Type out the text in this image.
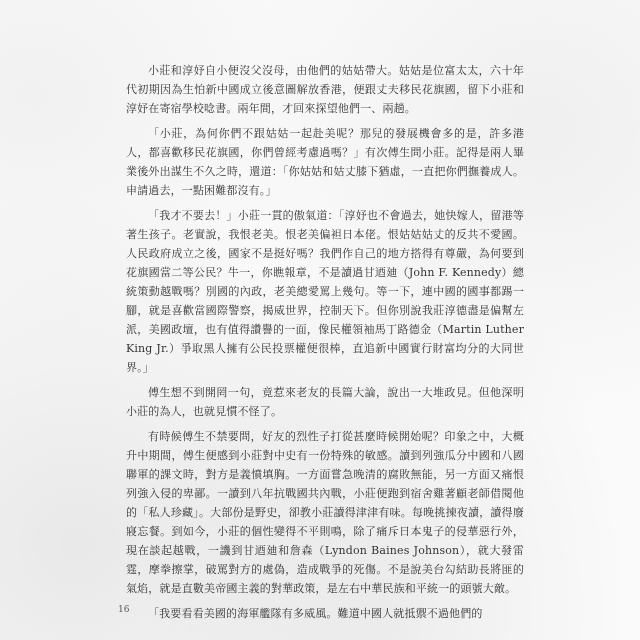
小莊和淳妤自小便沒父沒母，由他們的姑姑帶大。姑姑是位富太太，六十年代初期因為生怕新中國成立後意圖解放香港，便跟丈夫移民花旗國，留下小莊和淳妤在寄宿學校唸書。兩年間，才回來探望他們一、兩趟。

「小莊，為何你們不跟姑姑一起赴美呢？那兒的發展機會多的是，許多港人，都喜歡移民花旗國，你們曾經考慮過嗎？」有次傅生問小莊。記得是兩人畢業後外出謀生不久之時，還道：「你姑姑和姑丈膝下猶虛，一直把你們撫養成人。申請過去，一點困難都沒有。」

「我才不要去！」小莊一貫的傲氣道：「淳妤也不會過去，她快嫁人，留港等著生孩子。老實說，我恨老美。恨老美偏袒日本佬。恨姑姑姑丈的反共不愛國。人民政府成立之後，國家不是挺好嗎？我們作自己的地方搭得有尊嚴，為何要到花旗國當二等公民？牛一，你瞧報章，不是讀過甘迺廸（John F. Kennedy）總統策動越戰嗎？別國的內政，老美總愛罵上幾句。等一下，連中國的國事都踢一腳，就是喜歡當國際警察，揭威世界，控制天下。但你別說我莊淳德盡是偏幫左派，美國政壇，也有值得讚譽的一面，像民權領袖馬丁路德金（Martin Luther King Jr.）爭取黑人擁有公民投票權便很棒，直追新中國實行財富均分的大同世界。」

傅生想不到開罔一句，竟惹來老友的長篇大論，說出一大堆政見。但他深明小莊的為人，也就見慣不怪了。

有時候傅生不禁要問，好友的烈性子打從甚麼時候開始呢？印象之中，大概升中期間，傅生便感到小莊對中史有一份特殊的敏感。讀到列強瓜分中國和八國聯軍的課文時，對方是義憤填胸。一方面嘗急晚清的腐敗無能，另一方面又痛恨列強入侵的卑鄙。一讀到八年抗戰國共內戰，小莊便跑到宿舍雞著顧老師借閱他的「私人珍藏」。大部份是野史，卻教小莊讀得津津有味。每晚挑揀夜讀，讀得廢寢忘餐。到如今，小莊的個性變得不平則鳴，除了痛斥日本鬼子的侵華惡行外，現在談起越戰，一譏到甘迺廸和詹森（Lyndon Baines Johnson），就大發雷霆，摩拳擦掌，破罵對方的處偽，造成戰爭的死傷。不是說美台勾結助長將匪的氣焰，就是直數美帝國主義的對華政策，是左右中華民族和平統一的頭號大敵。

「我要看看美國的海軍艦隊有多威風。難道中國人就抵禦不過他們的

16
